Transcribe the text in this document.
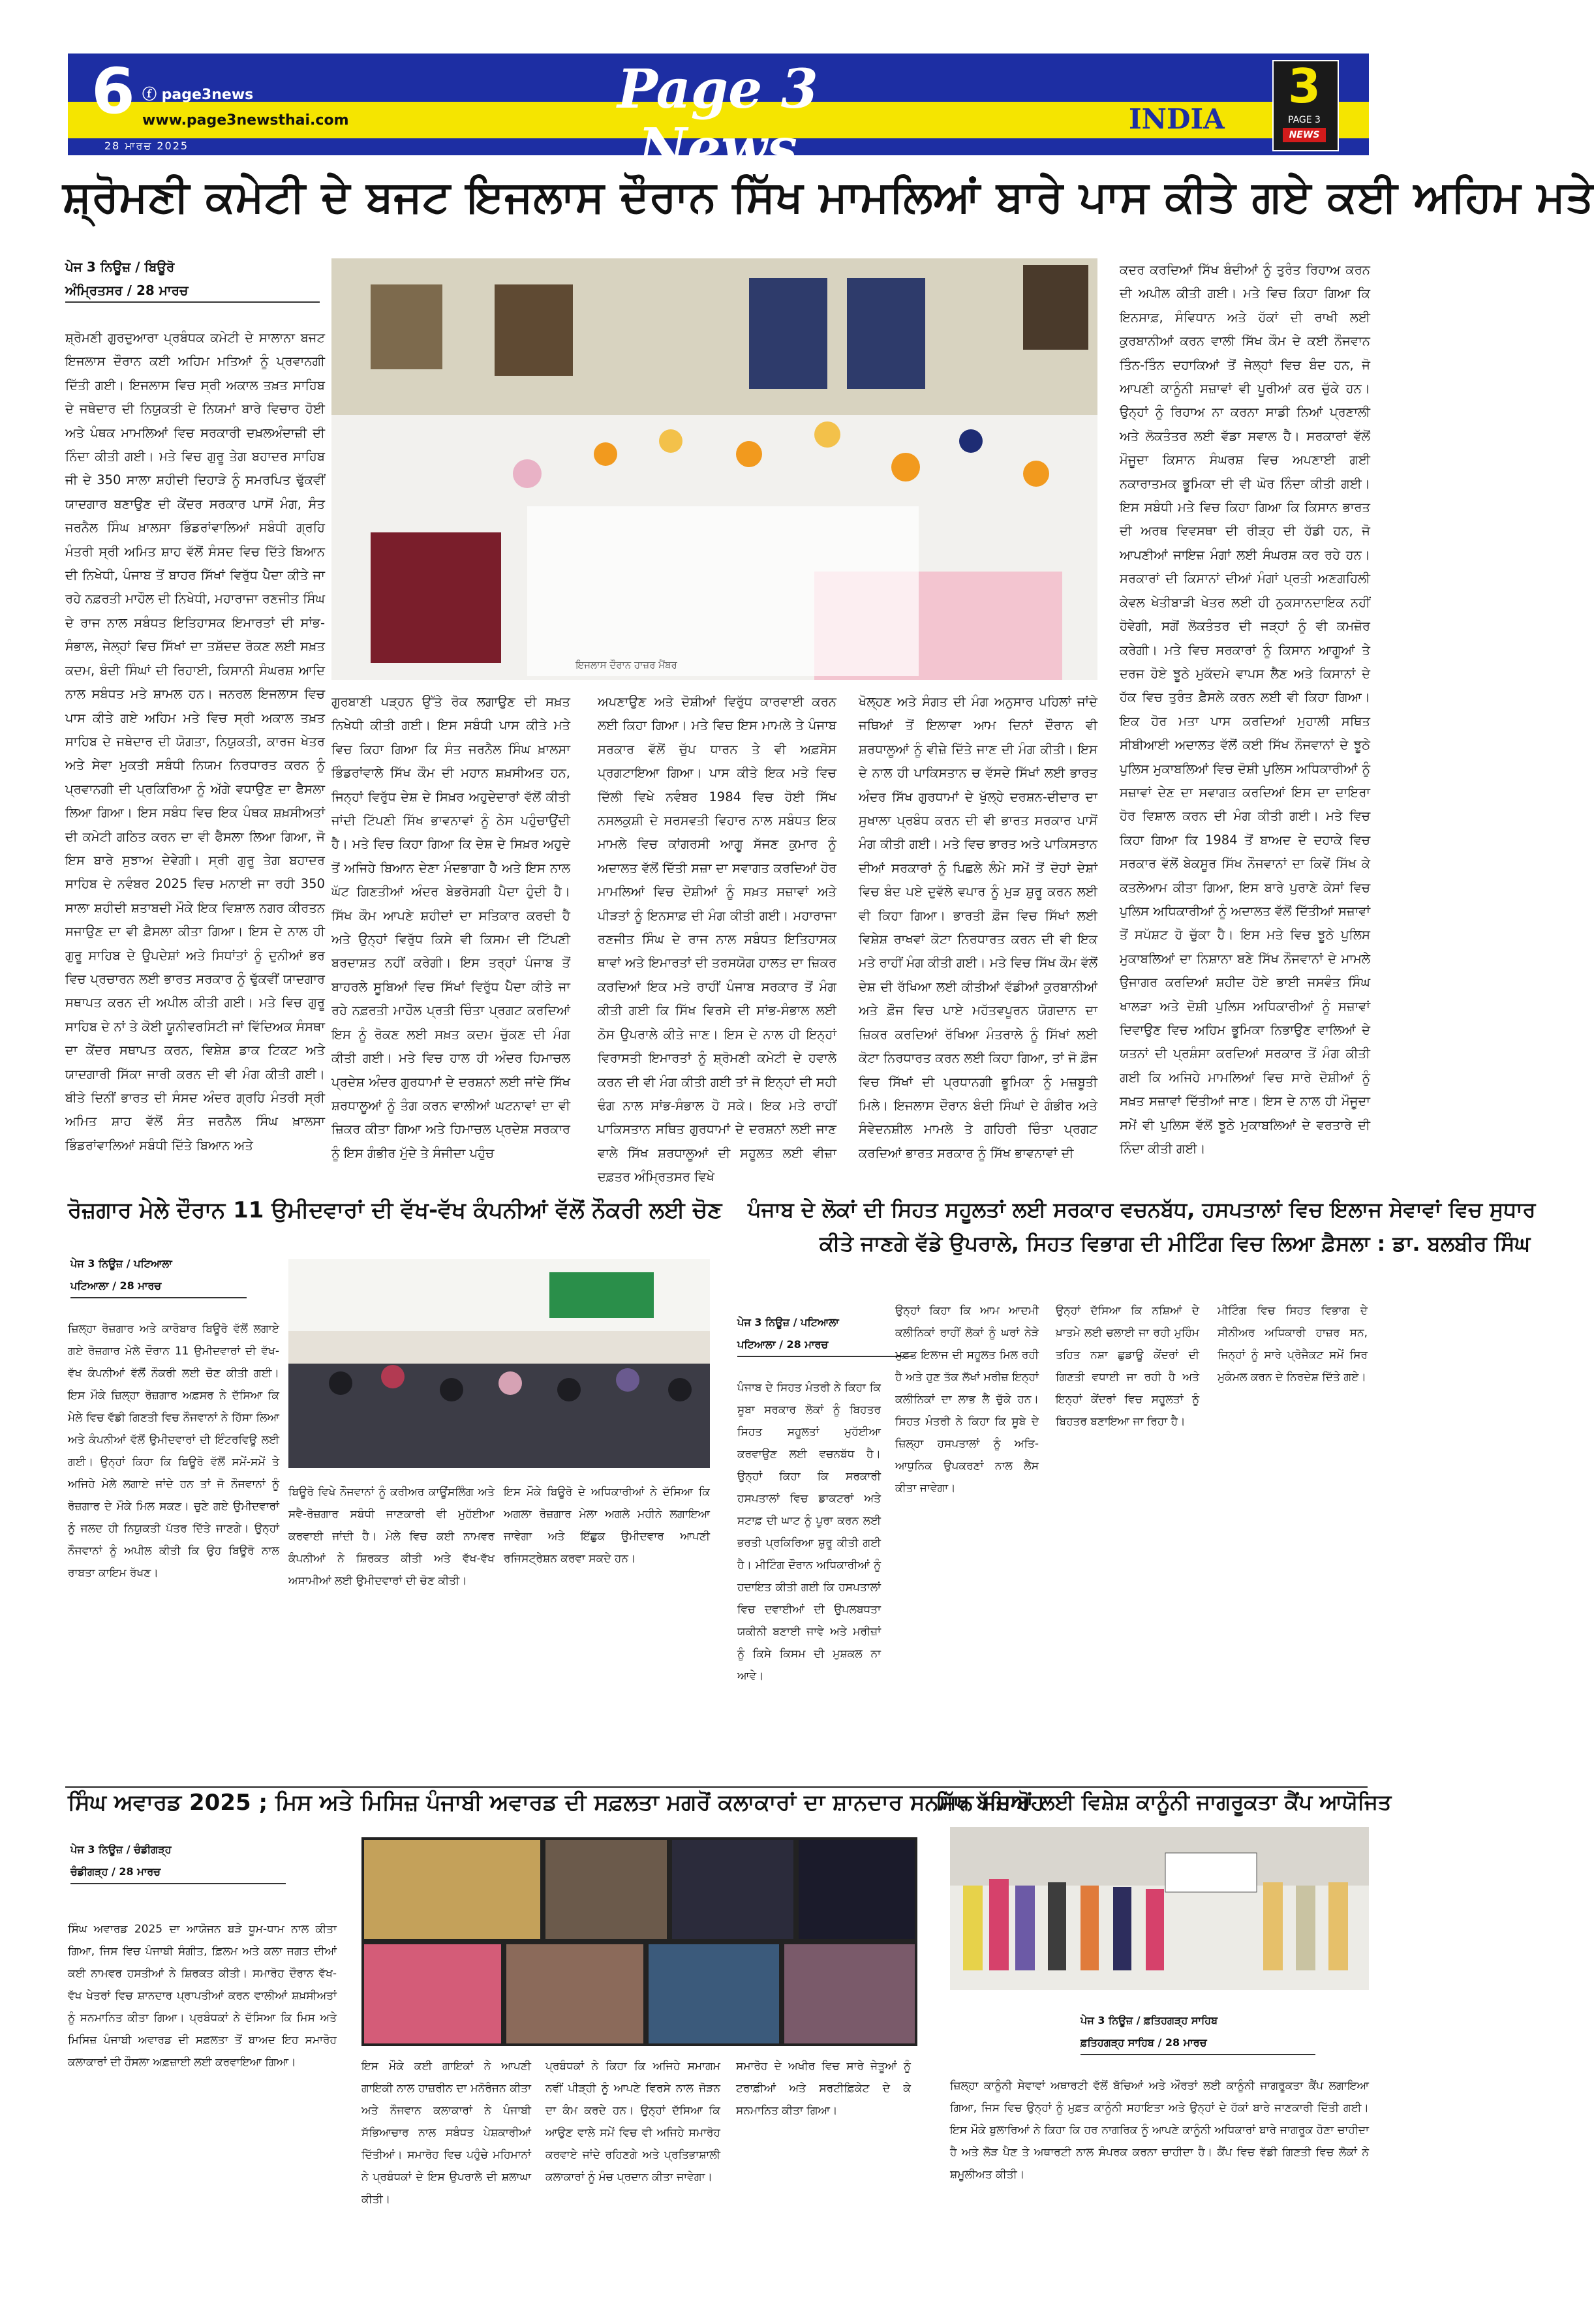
6 ⓕ page3news
www.page3newsthai.com
28 ਮਾਰਚ 2025
Page 3 News	INDIA
3
PAGE 3
NEWS
ਸ਼੍ਰੋਮਣੀ ਕਮੇਟੀ ਦੇ ਬਜਟ ਇਜਲਾਸ ਦੌਰਾਨ ਸਿੱਖ ਮਾਮਲਿਆਂ ਬਾਰੇ ਪਾਸ ਕੀਤੇ ਗਏ ਕਈ ਅਹਿਮ ਮਤੇ
ਪੇਜ 3 ਨਿਊਜ਼ / ਬਿਊਰੋ
ਅੰਮ੍ਰਿਤਸਰ / 28 ਮਾਰਚ
ਸ਼੍ਰੋਮਣੀ ਗੁਰਦੁਆਰਾ ਪ੍ਰਬੰਧਕ ਕਮੇਟੀ ਦੇ ਸਾਲਾਨਾ ਬਜਟ ਇਜਲਾਸ ਦੌਰਾਨ ਕਈ ਅਹਿਮ ਮਤਿਆਂ ਨੂੰ ਪ੍ਰਵਾਨਗੀ ਦਿੱਤੀ ਗਈ। ਇਜਲਾਸ ਵਿਚ ਸ੍ਰੀ ਅਕਾਲ ਤਖ਼ਤ ਸਾਹਿਬ ਦੇ ਜਥੇਦਾਰ ਦੀ ਨਿਯੁਕਤੀ ਦੇ ਨਿਯਮਾਂ ਬਾਰੇ ਵਿਚਾਰ ਹੋਈ ਅਤੇ ਪੰਥਕ ਮਾਮਲਿਆਂ ਵਿਚ ਸਰਕਾਰੀ ਦਖ਼ਲਅੰਦਾਜ਼ੀ ਦੀ ਨਿੰਦਾ ਕੀਤੀ ਗਈ। ਮਤੇ ਵਿਚ ਗੁਰੂ ਤੇਗ ਬਹਾਦਰ ਸਾਹਿਬ ਜੀ ਦੇ 350 ਸਾਲਾ ਸ਼ਹੀਦੀ ਦਿਹਾੜੇ ਨੂੰ ਸਮਰਪਿਤ ਢੁੱਕਵੀਂ ਯਾਦਗਾਰ ਬਣਾਉਣ ਦੀ ਕੇਂਦਰ ਸਰਕਾਰ ਪਾਸੋਂ ਮੰਗ, ਸੰਤ ਜਰਨੈਲ ਸਿੰਘ ਖ਼ਾਲਸਾ ਭਿੰਡਰਾਂਵਾਲਿਆਂ ਸਬੰਧੀ ਗ੍ਰਹਿ ਮੰਤਰੀ ਸ੍ਰੀ ਅਮਿਤ ਸ਼ਾਹ ਵੱਲੋਂ ਸੰਸਦ ਵਿਚ ਦਿੱਤੇ ਬਿਆਨ ਦੀ ਨਿਖੇਧੀ, ਪੰਜਾਬ ਤੋਂ ਬਾਹਰ ਸਿੱਖਾਂ ਵਿਰੁੱਧ ਪੈਦਾ ਕੀਤੇ ਜਾ ਰਹੇ ਨਫ਼ਰਤੀ ਮਾਹੌਲ ਦੀ ਨਿਖੇਧੀ, ਮਹਾਰਾਜਾ ਰਣਜੀਤ ਸਿੰਘ ਦੇ ਰਾਜ ਨਾਲ ਸਬੰਧਤ ਇਤਿਹਾਸਕ ਇਮਾਰਤਾਂ ਦੀ ਸਾਂਭ-ਸੰਭਾਲ, ਜੇਲ੍ਹਾਂ ਵਿਚ ਸਿੱਖਾਂ ਦਾ ਤਸ਼ੱਦਦ ਰੋਕਣ ਲਈ ਸਖ਼ਤ ਕਦਮ, ਬੰਦੀ ਸਿੰਘਾਂ ਦੀ ਰਿਹਾਈ, ਕਿਸਾਨੀ ਸੰਘਰਸ਼ ਆਦਿ ਨਾਲ ਸਬੰਧਤ ਮਤੇ ਸ਼ਾਮਲ ਹਨ। ਜਨਰਲ ਇਜਲਾਸ ਵਿਚ ਪਾਸ ਕੀਤੇ ਗਏ ਅਹਿਮ ਮਤੇ ਵਿਚ ਸ੍ਰੀ ਅਕਾਲ ਤਖ਼ਤ ਸਾਹਿਬ ਦੇ ਜਥੇਦਾਰ ਦੀ ਯੋਗਤਾ, ਨਿਯੁਕਤੀ, ਕਾਰਜ ਖੇਤਰ ਅਤੇ ਸੇਵਾ ਮੁਕਤੀ ਸਬੰਧੀ ਨਿਯਮ ਨਿਰਧਾਰਤ ਕਰਨ ਨੂੰ ਪ੍ਰਵਾਨਗੀ ਦੀ ਪ੍ਰਕਿਰਿਆ ਨੂੰ ਅੱਗੇ ਵਧਾਉਣ ਦਾ ਫੈਸਲਾ ਲਿਆ ਗਿਆ। ਇਸ ਸਬੰਧ ਵਿਚ ਇਕ ਪੰਥਕ ਸ਼ਖ਼ਸੀਅਤਾਂ ਦੀ ਕਮੇਟੀ ਗਠਿਤ ਕਰਨ ਦਾ ਵੀ ਫੈਸਲਾ ਲਿਆ ਗਿਆ, ਜੋ ਇਸ ਬਾਰੇ ਸੁਝਾਅ ਦੇਵੇਗੀ। ਸ੍ਰੀ ਗੁਰੂ ਤੇਗ ਬਹਾਦਰ ਸਾਹਿਬ ਦੇ ਨਵੰਬਰ 2025 ਵਿਚ ਮਨਾਈ ਜਾ ਰਹੀ 350 ਸਾਲਾ ਸ਼ਹੀਦੀ ਸ਼ਤਾਬਦੀ ਮੌਕੇ ਇਕ ਵਿਸ਼ਾਲ ਨਗਰ ਕੀਰਤਨ ਸਜਾਉਣ ਦਾ ਵੀ ਫ਼ੈਸਲਾ ਕੀਤਾ ਗਿਆ। ਇਸ ਦੇ ਨਾਲ ਹੀ ਗੁਰੂ ਸਾਹਿਬ ਦੇ ਉਪਦੇਸ਼ਾਂ ਅਤੇ ਸਿਧਾਂਤਾਂ ਨੂੰ ਦੁਨੀਆਂ ਭਰ ਵਿਚ ਪ੍ਰਚਾਰਨ ਲਈ ਭਾਰਤ ਸਰਕਾਰ ਨੂੰ ਢੁੱਕਵੀਂ ਯਾਦਗਾਰ ਸਥਾਪਤ ਕਰਨ ਦੀ ਅਪੀਲ ਕੀਤੀ ਗਈ। ਮਤੇ ਵਿਚ ਗੁਰੂ ਸਾਹਿਬ ਦੇ ਨਾਂ ਤੇ ਕੋਈ ਯੂਨੀਵਰਸਿਟੀ ਜਾਂ ਵਿੱਦਿਅਕ ਸੰਸਥਾ ਦਾ ਕੇਂਦਰ ਸਥਾਪਤ ਕਰਨ, ਵਿਸ਼ੇਸ਼ ਡਾਕ ਟਿਕਟ ਅਤੇ ਯਾਦਗਾਰੀ ਸਿੱਕਾ ਜਾਰੀ ਕਰਨ ਦੀ ਵੀ ਮੰਗ ਕੀਤੀ ਗਈ। ਬੀਤੇ ਦਿਨੀਂ ਭਾਰਤ ਦੀ ਸੰਸਦ ਅੰਦਰ ਗ੍ਰਹਿ ਮੰਤਰੀ ਸ੍ਰੀ ਅਮਿਤ ਸ਼ਾਹ ਵੱਲੋਂ ਸੰਤ ਜਰਨੈਲ ਸਿੰਘ ਖ਼ਾਲਸਾ ਭਿੰਡਰਾਂਵਾਲਿਆਂ ਸਬੰਧੀ ਦਿੱਤੇ ਬਿਆਨ ਅਤੇ
ਇਜਲਾਸ ਦੌਰਾਨ ਹਾਜ਼ਰ ਮੈਂਬਰ
ਗੁਰਬਾਣੀ ਪੜ੍ਹਨ ਉੱਤੇ ਰੋਕ ਲਗਾਉਣ ਦੀ ਸਖ਼ਤ ਨਿਖੇਧੀ ਕੀਤੀ ਗਈ। ਇਸ ਸਬੰਧੀ ਪਾਸ ਕੀਤੇ ਮਤੇ ਵਿਚ ਕਿਹਾ ਗਿਆ ਕਿ ਸੰਤ ਜਰਨੈਲ ਸਿੰਘ ਖ਼ਾਲਸਾ ਭਿੰਡਰਾਂਵਾਲੇ ਸਿੱਖ ਕੌਮ ਦੀ ਮਹਾਨ ਸ਼ਖ਼ਸੀਅਤ ਹਨ, ਜਿਨ੍ਹਾਂ ਵਿਰੁੱਧ ਦੇਸ਼ ਦੇ ਸਿਖ਼ਰ ਅਹੁਦੇਦਾਰਾਂ ਵੱਲੋਂ ਕੀਤੀ ਜਾਂਦੀ ਟਿੱਪਣੀ ਸਿੱਖ ਭਾਵਨਾਵਾਂ ਨੂੰ ਠੇਸ ਪਹੁੰਚਾਉਂਦੀ ਹੈ। ਮਤੇ ਵਿਚ ਕਿਹਾ ਗਿਆ ਕਿ ਦੇਸ਼ ਦੇ ਸਿਖ਼ਰ ਅਹੁਦੇ ਤੋਂ ਅਜਿਹੇ ਬਿਆਨ ਦੇਣਾ ਮੰਦਭਾਗਾ ਹੈ ਅਤੇ ਇਸ ਨਾਲ ਘੱਟ ਗਿਣਤੀਆਂ ਅੰਦਰ ਬੇਭਰੋਸਗੀ ਪੈਦਾ ਹੁੰਦੀ ਹੈ। ਸਿੱਖ ਕੌਮ ਆਪਣੇ ਸ਼ਹੀਦਾਂ ਦਾ ਸਤਿਕਾਰ ਕਰਦੀ ਹੈ ਅਤੇ ਉਨ੍ਹਾਂ ਵਿਰੁੱਧ ਕਿਸੇ ਵੀ ਕਿਸਮ ਦੀ ਟਿੱਪਣੀ ਬਰਦਾਸ਼ਤ ਨਹੀਂ ਕਰੇਗੀ। ਇਸ ਤਰ੍ਹਾਂ ਪੰਜਾਬ ਤੋਂ ਬਾਹਰਲੇ ਸੂਬਿਆਂ ਵਿਚ ਸਿੱਖਾਂ ਵਿਰੁੱਧ ਪੈਦਾ ਕੀਤੇ ਜਾ ਰਹੇ ਨਫ਼ਰਤੀ ਮਾਹੌਲ ਪ੍ਰਤੀ ਚਿੰਤਾ ਪ੍ਰਗਟ ਕਰਦਿਆਂ ਇਸ ਨੂੰ ਰੋਕਣ ਲਈ ਸਖ਼ਤ ਕਦਮ ਚੁੱਕਣ ਦੀ ਮੰਗ ਕੀਤੀ ਗਈ। ਮਤੇ ਵਿਚ ਹਾਲ ਹੀ ਅੰਦਰ ਹਿਮਾਚਲ ਪ੍ਰਦੇਸ਼ ਅੰਦਰ ਗੁਰਧਾਮਾਂ ਦੇ ਦਰਸ਼ਨਾਂ ਲਈ ਜਾਂਦੇ ਸਿੱਖ ਸ਼ਰਧਾਲੂਆਂ ਨੂੰ ਤੰਗ ਕਰਨ ਵਾਲੀਆਂ ਘਟਨਾਵਾਂ ਦਾ ਵੀ ਜ਼ਿਕਰ ਕੀਤਾ ਗਿਆ ਅਤੇ ਹਿਮਾਚਲ ਪ੍ਰਦੇਸ਼ ਸਰਕਾਰ ਨੂੰ ਇਸ ਗੰਭੀਰ ਮੁੱਦੇ ਤੇ ਸੰਜੀਦਾ ਪਹੁੰਚ
ਅਪਣਾਉਣ ਅਤੇ ਦੋਸ਼ੀਆਂ ਵਿਰੁੱਧ ਕਾਰਵਾਈ ਕਰਨ ਲਈ ਕਿਹਾ ਗਿਆ। ਮਤੇ ਵਿਚ ਇਸ ਮਾਮਲੇ ਤੇ ਪੰਜਾਬ ਸਰਕਾਰ ਵੱਲੋਂ ਚੁੱਪ ਧਾਰਨ ਤੇ ਵੀ ਅਫ਼ਸੋਸ ਪ੍ਰਗਟਾਇਆ ਗਿਆ। ਪਾਸ ਕੀਤੇ ਇਕ ਮਤੇ ਵਿਚ ਦਿੱਲੀ ਵਿਖੇ ਨਵੰਬਰ 1984 ਵਿਚ ਹੋਈ ਸਿੱਖ ਨਸਲਕੁਸ਼ੀ ਦੇ ਸਰਸਵਤੀ ਵਿਹਾਰ ਨਾਲ ਸਬੰਧਤ ਇਕ ਮਾਮਲੇ ਵਿਚ ਕਾਂਗਰਸੀ ਆਗੂ ਸੱਜਣ ਕੁਮਾਰ ਨੂੰ ਅਦਾਲਤ ਵੱਲੋਂ ਦਿੱਤੀ ਸਜ਼ਾ ਦਾ ਸਵਾਗਤ ਕਰਦਿਆਂ ਹੋਰ ਮਾਮਲਿਆਂ ਵਿਚ ਦੋਸ਼ੀਆਂ ਨੂੰ ਸਖ਼ਤ ਸਜ਼ਾਵਾਂ ਅਤੇ ਪੀੜਤਾਂ ਨੂੰ ਇਨਸਾਫ਼ ਦੀ ਮੰਗ ਕੀਤੀ ਗਈ। ਮਹਾਰਾਜਾ ਰਣਜੀਤ ਸਿੰਘ ਦੇ ਰਾਜ ਨਾਲ ਸਬੰਧਤ ਇਤਿਹਾਸਕ ਥਾਵਾਂ ਅਤੇ ਇਮਾਰਤਾਂ ਦੀ ਤਰਸਯੋਗ ਹਾਲਤ ਦਾ ਜ਼ਿਕਰ ਕਰਦਿਆਂ ਇਕ ਮਤੇ ਰਾਹੀਂ ਪੰਜਾਬ ਸਰਕਾਰ ਤੋਂ ਮੰਗ ਕੀਤੀ ਗਈ ਕਿ ਸਿੱਖ ਵਿਰਸੇ ਦੀ ਸਾਂਭ-ਸੰਭਾਲ ਲਈ ਠੋਸ ਉਪਰਾਲੇ ਕੀਤੇ ਜਾਣ। ਇਸ ਦੇ ਨਾਲ ਹੀ ਇਨ੍ਹਾਂ ਵਿਰਾਸਤੀ ਇਮਾਰਤਾਂ ਨੂੰ ਸ਼੍ਰੋਮਣੀ ਕਮੇਟੀ ਦੇ ਹਵਾਲੇ ਕਰਨ ਦੀ ਵੀ ਮੰਗ ਕੀਤੀ ਗਈ ਤਾਂ ਜੋ ਇਨ੍ਹਾਂ ਦੀ ਸਹੀ ਢੰਗ ਨਾਲ ਸਾਂਭ-ਸੰਭਾਲ ਹੋ ਸਕੇ। ਇਕ ਮਤੇ ਰਾਹੀਂ ਪਾਕਿਸਤਾਨ ਸਥਿਤ ਗੁਰਧਾਮਾਂ ਦੇ ਦਰਸ਼ਨਾਂ ਲਈ ਜਾਣ ਵਾਲੇ ਸਿੱਖ ਸ਼ਰਧਾਲੂਆਂ ਦੀ ਸਹੂਲਤ ਲਈ ਵੀਜ਼ਾ ਦਫ਼ਤਰ ਅੰਮ੍ਰਿਤਸਰ ਵਿਖੇ
ਖੋਲ੍ਹਣ ਅਤੇ ਸੰਗਤ ਦੀ ਮੰਗ ਅਨੁਸਾਰ ਪਹਿਲਾਂ ਜਾਂਦੇ ਜਥਿਆਂ ਤੋਂ ਇਲਾਵਾ ਆਮ ਦਿਨਾਂ ਦੌਰਾਨ ਵੀ ਸ਼ਰਧਾਲੂਆਂ ਨੂੰ ਵੀਜ਼ੇ ਦਿੱਤੇ ਜਾਣ ਦੀ ਮੰਗ ਕੀਤੀ। ਇਸ ਦੇ ਨਾਲ ਹੀ ਪਾਕਿਸਤਾਨ ਚ ਵੱਸਦੇ ਸਿੱਖਾਂ ਲਈ ਭਾਰਤ ਅੰਦਰ ਸਿੱਖ ਗੁਰਧਾਮਾਂ ਦੇ ਖੁੱਲ੍ਹੇ ਦਰਸ਼ਨ-ਦੀਦਾਰ ਦਾ ਸੁਖਾਲਾ ਪ੍ਰਬੰਧ ਕਰਨ ਦੀ ਵੀ ਭਾਰਤ ਸਰਕਾਰ ਪਾਸੋਂ ਮੰਗ ਕੀਤੀ ਗਈ। ਮਤੇ ਵਿਚ ਭਾਰਤ ਅਤੇ ਪਾਕਿਸਤਾਨ ਦੀਆਂ ਸਰਕਾਰਾਂ ਨੂੰ ਪਿਛਲੇ ਲੰਮੇ ਸਮੇਂ ਤੋਂ ਦੋਹਾਂ ਦੇਸ਼ਾਂ ਵਿਚ ਬੰਦ ਪਏ ਦੁਵੱਲੇ ਵਪਾਰ ਨੂੰ ਮੁੜ ਸ਼ੁਰੂ ਕਰਨ ਲਈ ਵੀ ਕਿਹਾ ਗਿਆ। ਭਾਰਤੀ ਫ਼ੌਜ ਵਿਚ ਸਿੱਖਾਂ ਲਈ ਵਿਸ਼ੇਸ਼ ਰਾਖਵਾਂ ਕੋਟਾ ਨਿਰਧਾਰਤ ਕਰਨ ਦੀ ਵੀ ਇਕ ਮਤੇ ਰਾਹੀਂ ਮੰਗ ਕੀਤੀ ਗਈ। ਮਤੇ ਵਿਚ ਸਿੱਖ ਕੌਮ ਵੱਲੋਂ ਦੇਸ਼ ਦੀ ਰੱਖਿਆ ਲਈ ਕੀਤੀਆਂ ਵੱਡੀਆਂ ਕੁਰਬਾਨੀਆਂ ਅਤੇ ਫ਼ੌਜ ਵਿਚ ਪਾਏ ਮਹੱਤਵਪੂਰਨ ਯੋਗਦਾਨ ਦਾ ਜ਼ਿਕਰ ਕਰਦਿਆਂ ਰੱਖਿਆ ਮੰਤਰਾਲੇ ਨੂੰ ਸਿੱਖਾਂ ਲਈ ਕੋਟਾ ਨਿਰਧਾਰਤ ਕਰਨ ਲਈ ਕਿਹਾ ਗਿਆ, ਤਾਂ ਜੋ ਫ਼ੌਜ ਵਿਚ ਸਿੱਖਾਂ ਦੀ ਪ੍ਰਧਾਨਗੀ ਭੂਮਿਕਾ ਨੂੰ ਮਜ਼ਬੂਤੀ ਮਿਲੇ। ਇਜਲਾਸ ਦੌਰਾਨ ਬੰਦੀ ਸਿੰਘਾਂ ਦੇ ਗੰਭੀਰ ਅਤੇ ਸੰਵੇਦਨਸ਼ੀਲ ਮਾਮਲੇ ਤੇ ਗਹਿਰੀ ਚਿੰਤਾ ਪ੍ਰਗਟ ਕਰਦਿਆਂ ਭਾਰਤ ਸਰਕਾਰ ਨੂੰ ਸਿੱਖ ਭਾਵਨਾਵਾਂ ਦੀ
ਕਦਰ ਕਰਦਿਆਂ ਸਿੱਖ ਬੰਦੀਆਂ ਨੂੰ ਤੁਰੰਤ ਰਿਹਾਅ ਕਰਨ ਦੀ ਅਪੀਲ ਕੀਤੀ ਗਈ। ਮਤੇ ਵਿਚ ਕਿਹਾ ਗਿਆ ਕਿ ਇਨਸਾਫ਼, ਸੰਵਿਧਾਨ ਅਤੇ ਹੱਕਾਂ ਦੀ ਰਾਖੀ ਲਈ ਕੁਰਬਾਨੀਆਂ ਕਰਨ ਵਾਲੀ ਸਿੱਖ ਕੌਮ ਦੇ ਕਈ ਨੌਜਵਾਨ ਤਿੰਨ-ਤਿੰਨ ਦਹਾਕਿਆਂ ਤੋਂ ਜੇਲ੍ਹਾਂ ਵਿਚ ਬੰਦ ਹਨ, ਜੋ ਆਪਣੀ ਕਾਨੂੰਨੀ ਸਜ਼ਾਵਾਂ ਵੀ ਪੂਰੀਆਂ ਕਰ ਚੁੱਕੇ ਹਨ। ਉਨ੍ਹਾਂ ਨੂੰ ਰਿਹਾਅ ਨਾ ਕਰਨਾ ਸਾਡੀ ਨਿਆਂ ਪ੍ਰਣਾਲੀ ਅਤੇ ਲੋਕਤੰਤਰ ਲਈ ਵੱਡਾ ਸਵਾਲ ਹੈ। ਸਰਕਾਰਾਂ ਵੱਲੋਂ ਮੌਜੂਦਾ ਕਿਸਾਨ ਸੰਘਰਸ਼ ਵਿਚ ਅਪਣਾਈ ਗਈ ਨਕਾਰਾਤਮਕ ਭੂਮਿਕਾ ਦੀ ਵੀ ਘੋਰ ਨਿੰਦਾ ਕੀਤੀ ਗਈ। ਇਸ ਸਬੰਧੀ ਮਤੇ ਵਿਚ ਕਿਹਾ ਗਿਆ ਕਿ ਕਿਸਾਨ ਭਾਰਤ ਦੀ ਅਰਥ ਵਿਵਸਥਾ ਦੀ ਰੀੜ੍ਹ ਦੀ ਹੱਡੀ ਹਨ, ਜੋ ਆਪਣੀਆਂ ਜਾਇਜ਼ ਮੰਗਾਂ ਲਈ ਸੰਘਰਸ਼ ਕਰ ਰਹੇ ਹਨ। ਸਰਕਾਰਾਂ ਦੀ ਕਿਸਾਨਾਂ ਦੀਆਂ ਮੰਗਾਂ ਪ੍ਰਤੀ ਅਣਗਹਿਲੀ ਕੇਵਲ ਖੇਤੀਬਾੜੀ ਖੇਤਰ ਲਈ ਹੀ ਨੁਕਸਾਨਦਾਇਕ ਨਹੀਂ ਹੋਵੇਗੀ, ਸਗੋਂ ਲੋਕਤੰਤਰ ਦੀ ਜੜ੍ਹਾਂ ਨੂੰ ਵੀ ਕਮਜ਼ੋਰ ਕਰੇਗੀ। ਮਤੇ ਵਿਚ ਸਰਕਾਰਾਂ ਨੂੰ ਕਿਸਾਨ ਆਗੂਆਂ ਤੇ ਦਰਜ ਹੋਏ ਝੂਠੇ ਮੁਕੱਦਮੇ ਵਾਪਸ ਲੈਣ ਅਤੇ ਕਿਸਾਨਾਂ ਦੇ ਹੱਕ ਵਿਚ ਤੁਰੰਤ ਫ਼ੈਸਲੇ ਕਰਨ ਲਈ ਵੀ ਕਿਹਾ ਗਿਆ। ਇਕ ਹੋਰ ਮਤਾ ਪਾਸ ਕਰਦਿਆਂ ਮੁਹਾਲੀ ਸਥਿਤ ਸੀਬੀਆਈ ਅਦਾਲਤ ਵੱਲੋਂ ਕਈ ਸਿੱਖ ਨੌਜਵਾਨਾਂ ਦੇ ਝੂਠੇ ਪੁਲਿਸ ਮੁਕਾਬਲਿਆਂ ਵਿਚ ਦੋਸ਼ੀ ਪੁਲਿਸ ਅਧਿਕਾਰੀਆਂ ਨੂੰ ਸਜ਼ਾਵਾਂ ਦੇਣ ਦਾ ਸਵਾਗਤ ਕਰਦਿਆਂ ਇਸ ਦਾ ਦਾਇਰਾ ਹੋਰ ਵਿਸ਼ਾਲ ਕਰਨ ਦੀ ਮੰਗ ਕੀਤੀ ਗਈ। ਮਤੇ ਵਿਚ ਕਿਹਾ ਗਿਆ ਕਿ 1984 ਤੋਂ ਬਾਅਦ ਦੇ ਦਹਾਕੇ ਵਿਚ ਸਰਕਾਰ ਵੱਲੋਂ ਬੇਕਸੂਰ ਸਿੱਖ ਨੌਜਵਾਨਾਂ ਦਾ ਕਿਵੇਂ ਸਿੱਖ ਕੇ ਕਤਲੇਆਮ ਕੀਤਾ ਗਿਆ, ਇਸ ਬਾਰੇ ਪੁਰਾਣੇ ਕੇਸਾਂ ਵਿਚ ਪੁਲਿਸ ਅਧਿਕਾਰੀਆਂ ਨੂੰ ਅਦਾਲਤ ਵੱਲੋਂ ਦਿੱਤੀਆਂ ਸਜ਼ਾਵਾਂ ਤੋਂ ਸਪੱਸ਼ਟ ਹੋ ਚੁੱਕਾ ਹੈ। ਇਸ ਮਤੇ ਵਿਚ ਝੂਠੇ ਪੁਲਿਸ ਮੁਕਾਬਲਿਆਂ ਦਾ ਨਿਸ਼ਾਨਾ ਬਣੇ ਸਿੱਖ ਨੌਜਵਾਨਾਂ ਦੇ ਮਾਮਲੇ ਉਜਾਗਰ ਕਰਦਿਆਂ ਸ਼ਹੀਦ ਹੋਏ ਭਾਈ ਜਸਵੰਤ ਸਿੰਘ ਖਾਲੜਾ ਅਤੇ ਦੋਸ਼ੀ ਪੁਲਿਸ ਅਧਿਕਾਰੀਆਂ ਨੂੰ ਸਜ਼ਾਵਾਂ ਦਿਵਾਉਣ ਵਿਚ ਅਹਿਮ ਭੂਮਿਕਾ ਨਿਭਾਉਣ ਵਾਲਿਆਂ ਦੇ ਯਤਨਾਂ ਦੀ ਪ੍ਰਸ਼ੰਸਾ ਕਰਦਿਆਂ ਸਰਕਾਰ ਤੋਂ ਮੰਗ ਕੀਤੀ ਗਈ ਕਿ ਅਜਿਹੇ ਮਾਮਲਿਆਂ ਵਿਚ ਸਾਰੇ ਦੋਸ਼ੀਆਂ ਨੂੰ ਸਖ਼ਤ ਸਜ਼ਾਵਾਂ ਦਿੱਤੀਆਂ ਜਾਣ। ਇਸ ਦੇ ਨਾਲ ਹੀ ਮੌਜੂਦਾ ਸਮੇਂ ਵੀ ਪੁਲਿਸ ਵੱਲੋਂ ਝੂਠੇ ਮੁਕਾਬਲਿਆਂ ਦੇ ਵਰਤਾਰੇ ਦੀ ਨਿੰਦਾ ਕੀਤੀ ਗਈ।
ਰੋਜ਼ਗਾਰ ਮੇਲੇ ਦੌਰਾਨ 11 ਉਮੀਦਵਾਰਾਂ ਦੀ ਵੱਖ-ਵੱਖ ਕੰਪਨੀਆਂ ਵੱਲੋਂ ਨੌਕਰੀ ਲਈ ਚੋਣ
ਪੇਜ 3 ਨਿਊਜ਼ / ਪਟਿਆਲਾ
ਪਟਿਆਲਾ / 28 ਮਾਰਚ
ਜ਼ਿਲ੍ਹਾ ਰੋਜ਼ਗਾਰ ਅਤੇ ਕਾਰੋਬਾਰ ਬਿਊਰੋ ਵੱਲੋਂ ਲਗਾਏ ਗਏ ਰੋਜ਼ਗਾਰ ਮੇਲੇ ਦੌਰਾਨ 11 ਉਮੀਦਵਾਰਾਂ ਦੀ ਵੱਖ-ਵੱਖ ਕੰਪਨੀਆਂ ਵੱਲੋਂ ਨੌਕਰੀ ਲਈ ਚੋਣ ਕੀਤੀ ਗਈ। ਇਸ ਮੌਕੇ ਜ਼ਿਲ੍ਹਾ ਰੋਜ਼ਗਾਰ ਅਫ਼ਸਰ ਨੇ ਦੱਸਿਆ ਕਿ ਮੇਲੇ ਵਿਚ ਵੱਡੀ ਗਿਣਤੀ ਵਿਚ ਨੌਜਵਾਨਾਂ ਨੇ ਹਿੱਸਾ ਲਿਆ ਅਤੇ ਕੰਪਨੀਆਂ ਵੱਲੋਂ ਉਮੀਦਵਾਰਾਂ ਦੀ ਇੰਟਰਵਿਊ ਲਈ ਗਈ। ਉਨ੍ਹਾਂ ਕਿਹਾ ਕਿ ਬਿਊਰੋ ਵੱਲੋਂ ਸਮੇਂ-ਸਮੇਂ ਤੇ ਅਜਿਹੇ ਮੇਲੇ ਲਗਾਏ ਜਾਂਦੇ ਹਨ ਤਾਂ ਜੋ ਨੌਜਵਾਨਾਂ ਨੂੰ ਰੋਜ਼ਗਾਰ ਦੇ ਮੌਕੇ ਮਿਲ ਸਕਣ। ਚੁਣੇ ਗਏ ਉਮੀਦਵਾਰਾਂ ਨੂੰ ਜਲਦ ਹੀ ਨਿਯੁਕਤੀ ਪੱਤਰ ਦਿੱਤੇ ਜਾਣਗੇ। ਉਨ੍ਹਾਂ ਨੌਜਵਾਨਾਂ ਨੂੰ ਅਪੀਲ ਕੀਤੀ ਕਿ ਉਹ ਬਿਊਰੋ ਨਾਲ ਰਾਬਤਾ ਕਾਇਮ ਰੱਖਣ।
ਬਿਊਰੋ ਵਿਖੇ ਨੌਜਵਾਨਾਂ ਨੂੰ ਕਰੀਅਰ ਕਾਊਂਸਲਿੰਗ ਅਤੇ ਸਵੈ-ਰੋਜ਼ਗਾਰ ਸਬੰਧੀ ਜਾਣਕਾਰੀ ਵੀ ਮੁਹੱਈਆ ਕਰਵਾਈ ਜਾਂਦੀ ਹੈ। ਮੇਲੇ ਵਿਚ ਕਈ ਨਾਮਵਰ ਕੰਪਨੀਆਂ ਨੇ ਸ਼ਿਰਕਤ ਕੀਤੀ ਅਤੇ ਵੱਖ-ਵੱਖ ਅਸਾਮੀਆਂ ਲਈ ਉਮੀਦਵਾਰਾਂ ਦੀ ਚੋਣ ਕੀਤੀ।
ਇਸ ਮੌਕੇ ਬਿਊਰੋ ਦੇ ਅਧਿਕਾਰੀਆਂ ਨੇ ਦੱਸਿਆ ਕਿ ਅਗਲਾ ਰੋਜ਼ਗਾਰ ਮੇਲਾ ਅਗਲੇ ਮਹੀਨੇ ਲਗਾਇਆ ਜਾਵੇਗਾ ਅਤੇ ਇੱਛੁਕ ਉਮੀਦਵਾਰ ਆਪਣੀ ਰਜਿਸਟ੍ਰੇਸ਼ਨ ਕਰਵਾ ਸਕਦੇ ਹਨ।
ਪੰਜਾਬ ਦੇ ਲੋਕਾਂ ਦੀ ਸਿਹਤ ਸਹੂਲਤਾਂ ਲਈ ਸਰਕਾਰ ਵਚਨਬੱਧ, ਹਸਪਤਾਲਾਂ ਵਿਚ ਇਲਾਜ ਸੇਵਾਵਾਂ ਵਿਚ ਸੁਧਾਰ
ਕੀਤੇ ਜਾਣਗੇ ਵੱਡੇ ਉਪਰਾਲੇ, ਸਿਹਤ ਵਿਭਾਗ ਦੀ ਮੀਟਿੰਗ ਵਿਚ ਲਿਆ ਫ਼ੈਸਲਾ : ਡਾ. ਬਲਬੀਰ ਸਿੰਘ
ਪੇਜ 3 ਨਿਊਜ਼ / ਪਟਿਆਲਾ
ਪਟਿਆਲਾ / 28 ਮਾਰਚ
ਪੰਜਾਬ ਦੇ ਸਿਹਤ ਮੰਤਰੀ ਨੇ ਕਿਹਾ ਕਿ ਸੂਬਾ ਸਰਕਾਰ ਲੋਕਾਂ ਨੂੰ ਬਿਹਤਰ ਸਿਹਤ ਸਹੂਲਤਾਂ ਮੁਹੱਈਆ ਕਰਵਾਉਣ ਲਈ ਵਚਨਬੱਧ ਹੈ। ਉਨ੍ਹਾਂ ਕਿਹਾ ਕਿ ਸਰਕਾਰੀ ਹਸਪਤਾਲਾਂ ਵਿਚ ਡਾਕਟਰਾਂ ਅਤੇ ਸਟਾਫ਼ ਦੀ ਘਾਟ ਨੂੰ ਪੂਰਾ ਕਰਨ ਲਈ ਭਰਤੀ ਪ੍ਰਕਿਰਿਆ ਸ਼ੁਰੂ ਕੀਤੀ ਗਈ ਹੈ। ਮੀਟਿੰਗ ਦੌਰਾਨ ਅਧਿਕਾਰੀਆਂ ਨੂੰ ਹਦਾਇਤ ਕੀਤੀ ਗਈ ਕਿ ਹਸਪਤਾਲਾਂ ਵਿਚ ਦਵਾਈਆਂ ਦੀ ਉਪਲਬਧਤਾ ਯਕੀਨੀ ਬਣਾਈ ਜਾਵੇ ਅਤੇ ਮਰੀਜ਼ਾਂ ਨੂੰ ਕਿਸੇ ਕਿਸਮ ਦੀ ਮੁਸ਼ਕਲ ਨਾ ਆਵੇ।
ਉਨ੍ਹਾਂ ਕਿਹਾ ਕਿ ਆਮ ਆਦਮੀ ਕਲੀਨਿਕਾਂ ਰਾਹੀਂ ਲੋਕਾਂ ਨੂੰ ਘਰਾਂ ਨੇੜੇ ਮੁਫ਼ਤ ਇਲਾਜ ਦੀ ਸਹੂਲਤ ਮਿਲ ਰਹੀ ਹੈ ਅਤੇ ਹੁਣ ਤੱਕ ਲੱਖਾਂ ਮਰੀਜ਼ ਇਨ੍ਹਾਂ ਕਲੀਨਿਕਾਂ ਦਾ ਲਾਭ ਲੈ ਚੁੱਕੇ ਹਨ। ਸਿਹਤ ਮੰਤਰੀ ਨੇ ਕਿਹਾ ਕਿ ਸੂਬੇ ਦੇ ਜ਼ਿਲ੍ਹਾ ਹਸਪਤਾਲਾਂ ਨੂੰ ਅਤਿ-ਆਧੁਨਿਕ ਉਪਕਰਣਾਂ ਨਾਲ ਲੈਸ ਕੀਤਾ ਜਾਵੇਗਾ।
ਉਨ੍ਹਾਂ ਦੱਸਿਆ ਕਿ ਨਸ਼ਿਆਂ ਦੇ ਖ਼ਾਤਮੇ ਲਈ ਚਲਾਈ ਜਾ ਰਹੀ ਮੁਹਿੰਮ ਤਹਿਤ ਨਸ਼ਾ ਛੁਡਾਊ ਕੇਂਦਰਾਂ ਦੀ ਗਿਣਤੀ ਵਧਾਈ ਜਾ ਰਹੀ ਹੈ ਅਤੇ ਇਨ੍ਹਾਂ ਕੇਂਦਰਾਂ ਵਿਚ ਸਹੂਲਤਾਂ ਨੂੰ ਬਿਹਤਰ ਬਣਾਇਆ ਜਾ ਰਿਹਾ ਹੈ।
ਮੀਟਿੰਗ ਵਿਚ ਸਿਹਤ ਵਿਭਾਗ ਦੇ ਸੀਨੀਅਰ ਅਧਿਕਾਰੀ ਹਾਜ਼ਰ ਸਨ, ਜਿਨ੍ਹਾਂ ਨੂੰ ਸਾਰੇ ਪ੍ਰੋਜੈਕਟ ਸਮੇਂ ਸਿਰ ਮੁਕੰਮਲ ਕਰਨ ਦੇ ਨਿਰਦੇਸ਼ ਦਿੱਤੇ ਗਏ।
ਸਿੰਘ ਅਵਾਰਡ 2025 ; ਮਿਸ ਅਤੇ ਮਿਸਿਜ਼ ਪੰਜਾਬੀ ਅਵਾਰਡ ਦੀ ਸਫ਼ਲਤਾ ਮਗਰੋਂ ਕਲਾਕਾਰਾਂ ਦਾ ਸ਼ਾਨਦਾਰ ਸਨਮਾਨ ਸਮਾਰੋਹ
ਪੇਜ 3 ਨਿਊਜ਼ / ਚੰਡੀਗੜ੍ਹ
ਚੰਡੀਗੜ੍ਹ / 28 ਮਾਰਚ
ਸਿੰਘ ਅਵਾਰਡ 2025 ਦਾ ਆਯੋਜਨ ਬੜੇ ਧੂਮ-ਧਾਮ ਨਾਲ ਕੀਤਾ ਗਿਆ, ਜਿਸ ਵਿਚ ਪੰਜਾਬੀ ਸੰਗੀਤ, ਫ਼ਿਲਮ ਅਤੇ ਕਲਾ ਜਗਤ ਦੀਆਂ ਕਈ ਨਾਮਵਰ ਹਸਤੀਆਂ ਨੇ ਸ਼ਿਰਕਤ ਕੀਤੀ। ਸਮਾਰੋਹ ਦੌਰਾਨ ਵੱਖ-ਵੱਖ ਖੇਤਰਾਂ ਵਿਚ ਸ਼ਾਨਦਾਰ ਪ੍ਰਾਪਤੀਆਂ ਕਰਨ ਵਾਲੀਆਂ ਸ਼ਖ਼ਸੀਅਤਾਂ ਨੂੰ ਸਨਮਾਨਿਤ ਕੀਤਾ ਗਿਆ। ਪ੍ਰਬੰਧਕਾਂ ਨੇ ਦੱਸਿਆ ਕਿ ਮਿਸ ਅਤੇ ਮਿਸਿਜ਼ ਪੰਜਾਬੀ ਅਵਾਰਡ ਦੀ ਸਫ਼ਲਤਾ ਤੋਂ ਬਾਅਦ ਇਹ ਸਮਾਰੋਹ ਕਲਾਕਾਰਾਂ ਦੀ ਹੌਸਲਾ ਅਫ਼ਜ਼ਾਈ ਲਈ ਕਰਵਾਇਆ ਗਿਆ।	ਇਸ ਮੌਕੇ ਕਈ ਗਾਇਕਾਂ ਨੇ ਆਪਣੀ ਗਾਇਕੀ ਨਾਲ ਹਾਜ਼ਰੀਨ ਦਾ ਮਨੋਰੰਜਨ ਕੀਤਾ ਅਤੇ ਨੌਜਵਾਨ ਕਲਾਕਾਰਾਂ ਨੇ ਪੰਜਾਬੀ ਸੱਭਿਆਚਾਰ ਨਾਲ ਸਬੰਧਤ ਪੇਸ਼ਕਾਰੀਆਂ ਦਿੱਤੀਆਂ। ਸਮਾਰੋਹ ਵਿਚ ਪਹੁੰਚੇ ਮਹਿਮਾਨਾਂ ਨੇ ਪ੍ਰਬੰਧਕਾਂ ਦੇ ਇਸ ਉਪਰਾਲੇ ਦੀ ਸ਼ਲਾਘਾ ਕੀਤੀ।
ਪ੍ਰਬੰਧਕਾਂ ਨੇ ਕਿਹਾ ਕਿ ਅਜਿਹੇ ਸਮਾਗਮ ਨਵੀਂ ਪੀੜ੍ਹੀ ਨੂੰ ਆਪਣੇ ਵਿਰਸੇ ਨਾਲ ਜੋੜਨ ਦਾ ਕੰਮ ਕਰਦੇ ਹਨ। ਉਨ੍ਹਾਂ ਦੱਸਿਆ ਕਿ ਆਉਣ ਵਾਲੇ ਸਮੇਂ ਵਿਚ ਵੀ ਅਜਿਹੇ ਸਮਾਰੋਹ ਕਰਵਾਏ ਜਾਂਦੇ ਰਹਿਣਗੇ ਅਤੇ ਪ੍ਰਤਿਭਾਸ਼ਾਲੀ ਕਲਾਕਾਰਾਂ ਨੂੰ ਮੰਚ ਪ੍ਰਦਾਨ ਕੀਤਾ ਜਾਵੇਗਾ।
ਸਮਾਰੋਹ ਦੇ ਅਖੀਰ ਵਿਚ ਸਾਰੇ ਜੇਤੂਆਂ ਨੂੰ ਟਰਾਫ਼ੀਆਂ ਅਤੇ ਸਰਟੀਫ਼ਿਕੇਟ ਦੇ ਕੇ ਸਨਮਾਨਿਤ ਕੀਤਾ ਗਿਆ।
ਸਿੱਖ ਬੱਚਿਆਂ ਲਈ ਵਿਸ਼ੇਸ਼ ਕਾਨੂੰਨੀ ਜਾਗਰੂਕਤਾ ਕੈਂਪ ਆਯੋਜਿਤ
ਪੇਜ 3 ਨਿਊਜ਼ / ਫ਼ਤਿਹਗੜ੍ਹ ਸਾਹਿਬ
ਫ਼ਤਿਹਗੜ੍ਹ ਸਾਹਿਬ / 28 ਮਾਰਚ
ਜ਼ਿਲ੍ਹਾ ਕਾਨੂੰਨੀ ਸੇਵਾਵਾਂ ਅਥਾਰਟੀ ਵੱਲੋਂ ਬੱਚਿਆਂ ਅਤੇ ਔਰਤਾਂ ਲਈ ਕਾਨੂੰਨੀ ਜਾਗਰੂਕਤਾ ਕੈਂਪ ਲਗਾਇਆ ਗਿਆ, ਜਿਸ ਵਿਚ ਉਨ੍ਹਾਂ ਨੂੰ ਮੁਫ਼ਤ ਕਾਨੂੰਨੀ ਸਹਾਇਤਾ ਅਤੇ ਉਨ੍ਹਾਂ ਦੇ ਹੱਕਾਂ ਬਾਰੇ ਜਾਣਕਾਰੀ ਦਿੱਤੀ ਗਈ। ਇਸ ਮੌਕੇ ਬੁਲਾਰਿਆਂ ਨੇ ਕਿਹਾ ਕਿ ਹਰ ਨਾਗਰਿਕ ਨੂੰ ਆਪਣੇ ਕਾਨੂੰਨੀ ਅਧਿਕਾਰਾਂ ਬਾਰੇ ਜਾਗਰੂਕ ਹੋਣਾ ਚਾਹੀਦਾ ਹੈ ਅਤੇ ਲੋੜ ਪੈਣ ਤੇ ਅਥਾਰਟੀ ਨਾਲ ਸੰਪਰਕ ਕਰਨਾ ਚਾਹੀਦਾ ਹੈ। ਕੈਂਪ ਵਿਚ ਵੱਡੀ ਗਿਣਤੀ ਵਿਚ ਲੋਕਾਂ ਨੇ ਸ਼ਮੂਲੀਅਤ ਕੀਤੀ।
